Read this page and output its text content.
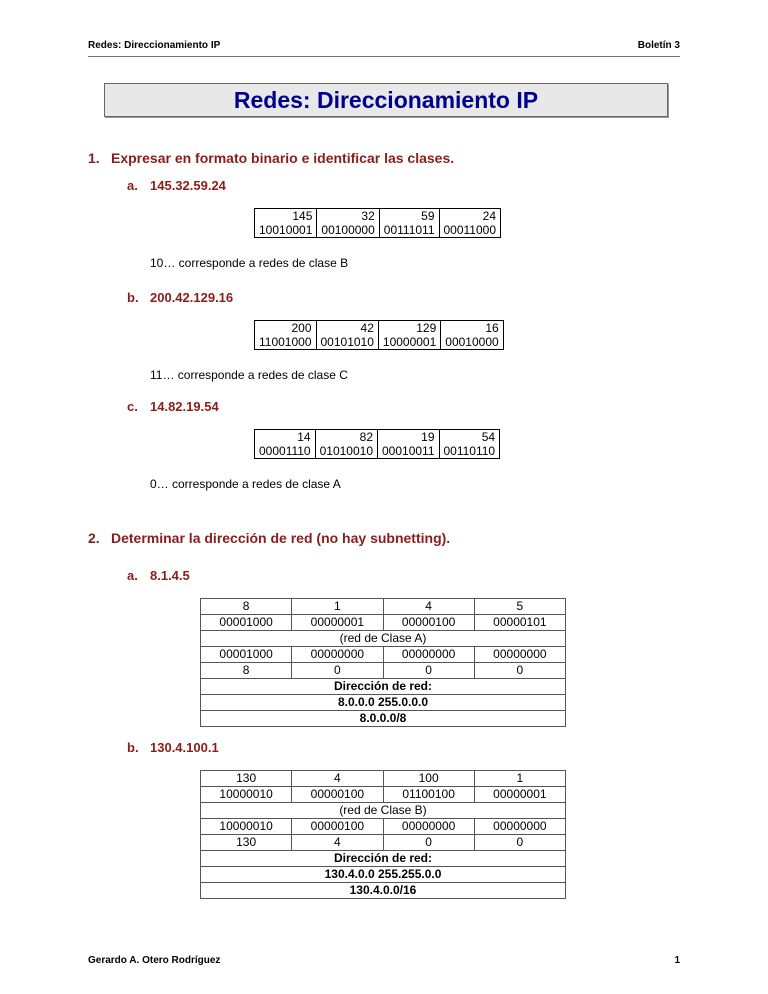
Redes: Direccionamiento IP	Boletín 3
Redes: Direccionamiento IP
1. Expresar en formato binario e identificar las clases.
2. Determinar la dirección de red (no hay subnetting).
Gerardo A. Otero Rodríguez	1
a. 145.32.59.24
145	32	59	24
10010001	00100000	00111011	00011000
10… corresponde a redes de clase B
b. 200.42.129.16
200	42	129	16
11001000	00101010	10000001	00010000
11… corresponde a redes de clase C
c. 14.82.19.54
14	82	19	54
00001110	01010010	00010011	00110110
0… corresponde a redes de clase A
a. 8.1.4.5
8	1	4	5
00001000	00000001	00000100	00000101
(red de Clase A)			
00001000	00000000	00000000	00000000
8	0	0	0
Dirección de red:			
8.0.0.0 255.0.0.0			
8.0.0.0/8			
b. 130.4.100.1
130	4	100	1
10000010	00000100	01100100	00000001
(red de Clase B)			
10000010	00000100	00000000	00000000
130	4	0	0
Dirección de red:			
130.4.0.0 255.255.0.0			
130.4.0.0/16			
